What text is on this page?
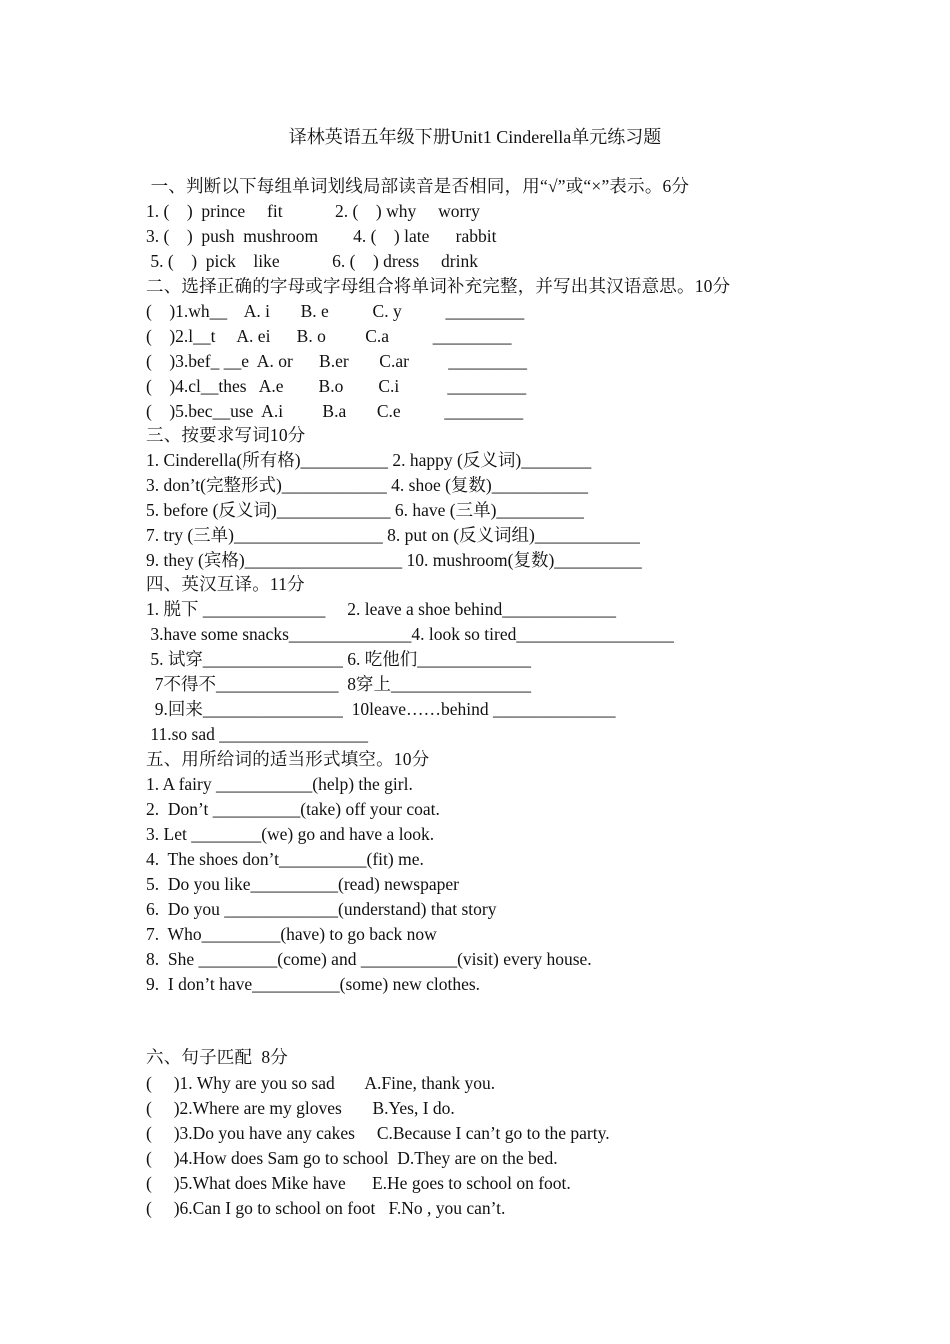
译林英语五年级下册Unit1 Cinderella单元练习题
一、判断以下每组单词划线局部读音是否相同，用“√”或“×”表示。6分
1. (    )  prince     fit            2. (    ) why     worry
3. (    )  push  mushroom        4. (    ) late      rabbit
5. (    )  pick    like            6. (    ) dress     drink
二、选择正确的字母或字母组合将单词补充完整，并写出其汉语意思。10分
(    )1.wh__    A. i       B. e          C. y          _________
(    )2.l__t     A. ei      B. o         C.a          _________
(    )3.bef_ __e  A. or      B.er       C.ar         _________
(    )4.cl__thes   A.e        B.o        C.i           _________
(    )5.bec__use  A.i         B.a       C.e          _________
三、按要求写词10分
1. Cinderella(所有格)__________ 2. happy (反义词)________
3. don’t(完整形式)____________ 4. shoe (复数)___________
5. before (反义词)_____________ 6. have (三单)__________
7. try (三单)_________________ 8. put on (反义词组)____________
9. they (宾格)__________________ 10. mushroom(复数)__________
四、英汉互译。11分
1. 脱下 ______________     2. leave a shoe behind_____________
3.have some snacks______________4. look so tired__________________
5. 试穿________________ 6. 吃他们_____________
7不得不______________  8穿上________________
9.回来________________  10leave……behind ______________
11.so sad _________________
五、用所给词的适当形式填空。10分
1. A fairy ___________(help) the girl.
2.  Don’t __________(take) off your coat.
3. Let ________(we) go and have a look.
4.  The shoes don’t__________(fit) me.
5.  Do you like__________(read) newspaper
6.  Do you _____________(understand) that story
7.  Who_________(have) to go back now
8.  She _________(come) and ___________(visit) every house.
9.  I don’t have__________(some) new clothes.
六、句子匹配  8分
(     )1. Why are you so sad       A.Fine, thank you.
(     )2.Where are my gloves       B.Yes, I do.
(     )3.Do you have any cakes     C.Because I can’t go to the party.
(     )4.How does Sam go to school  D.They are on the bed.
(     )5.What does Mike have      E.He goes to school on foot.
(     )6.Can I go to school on foot   F.No , you can’t.
